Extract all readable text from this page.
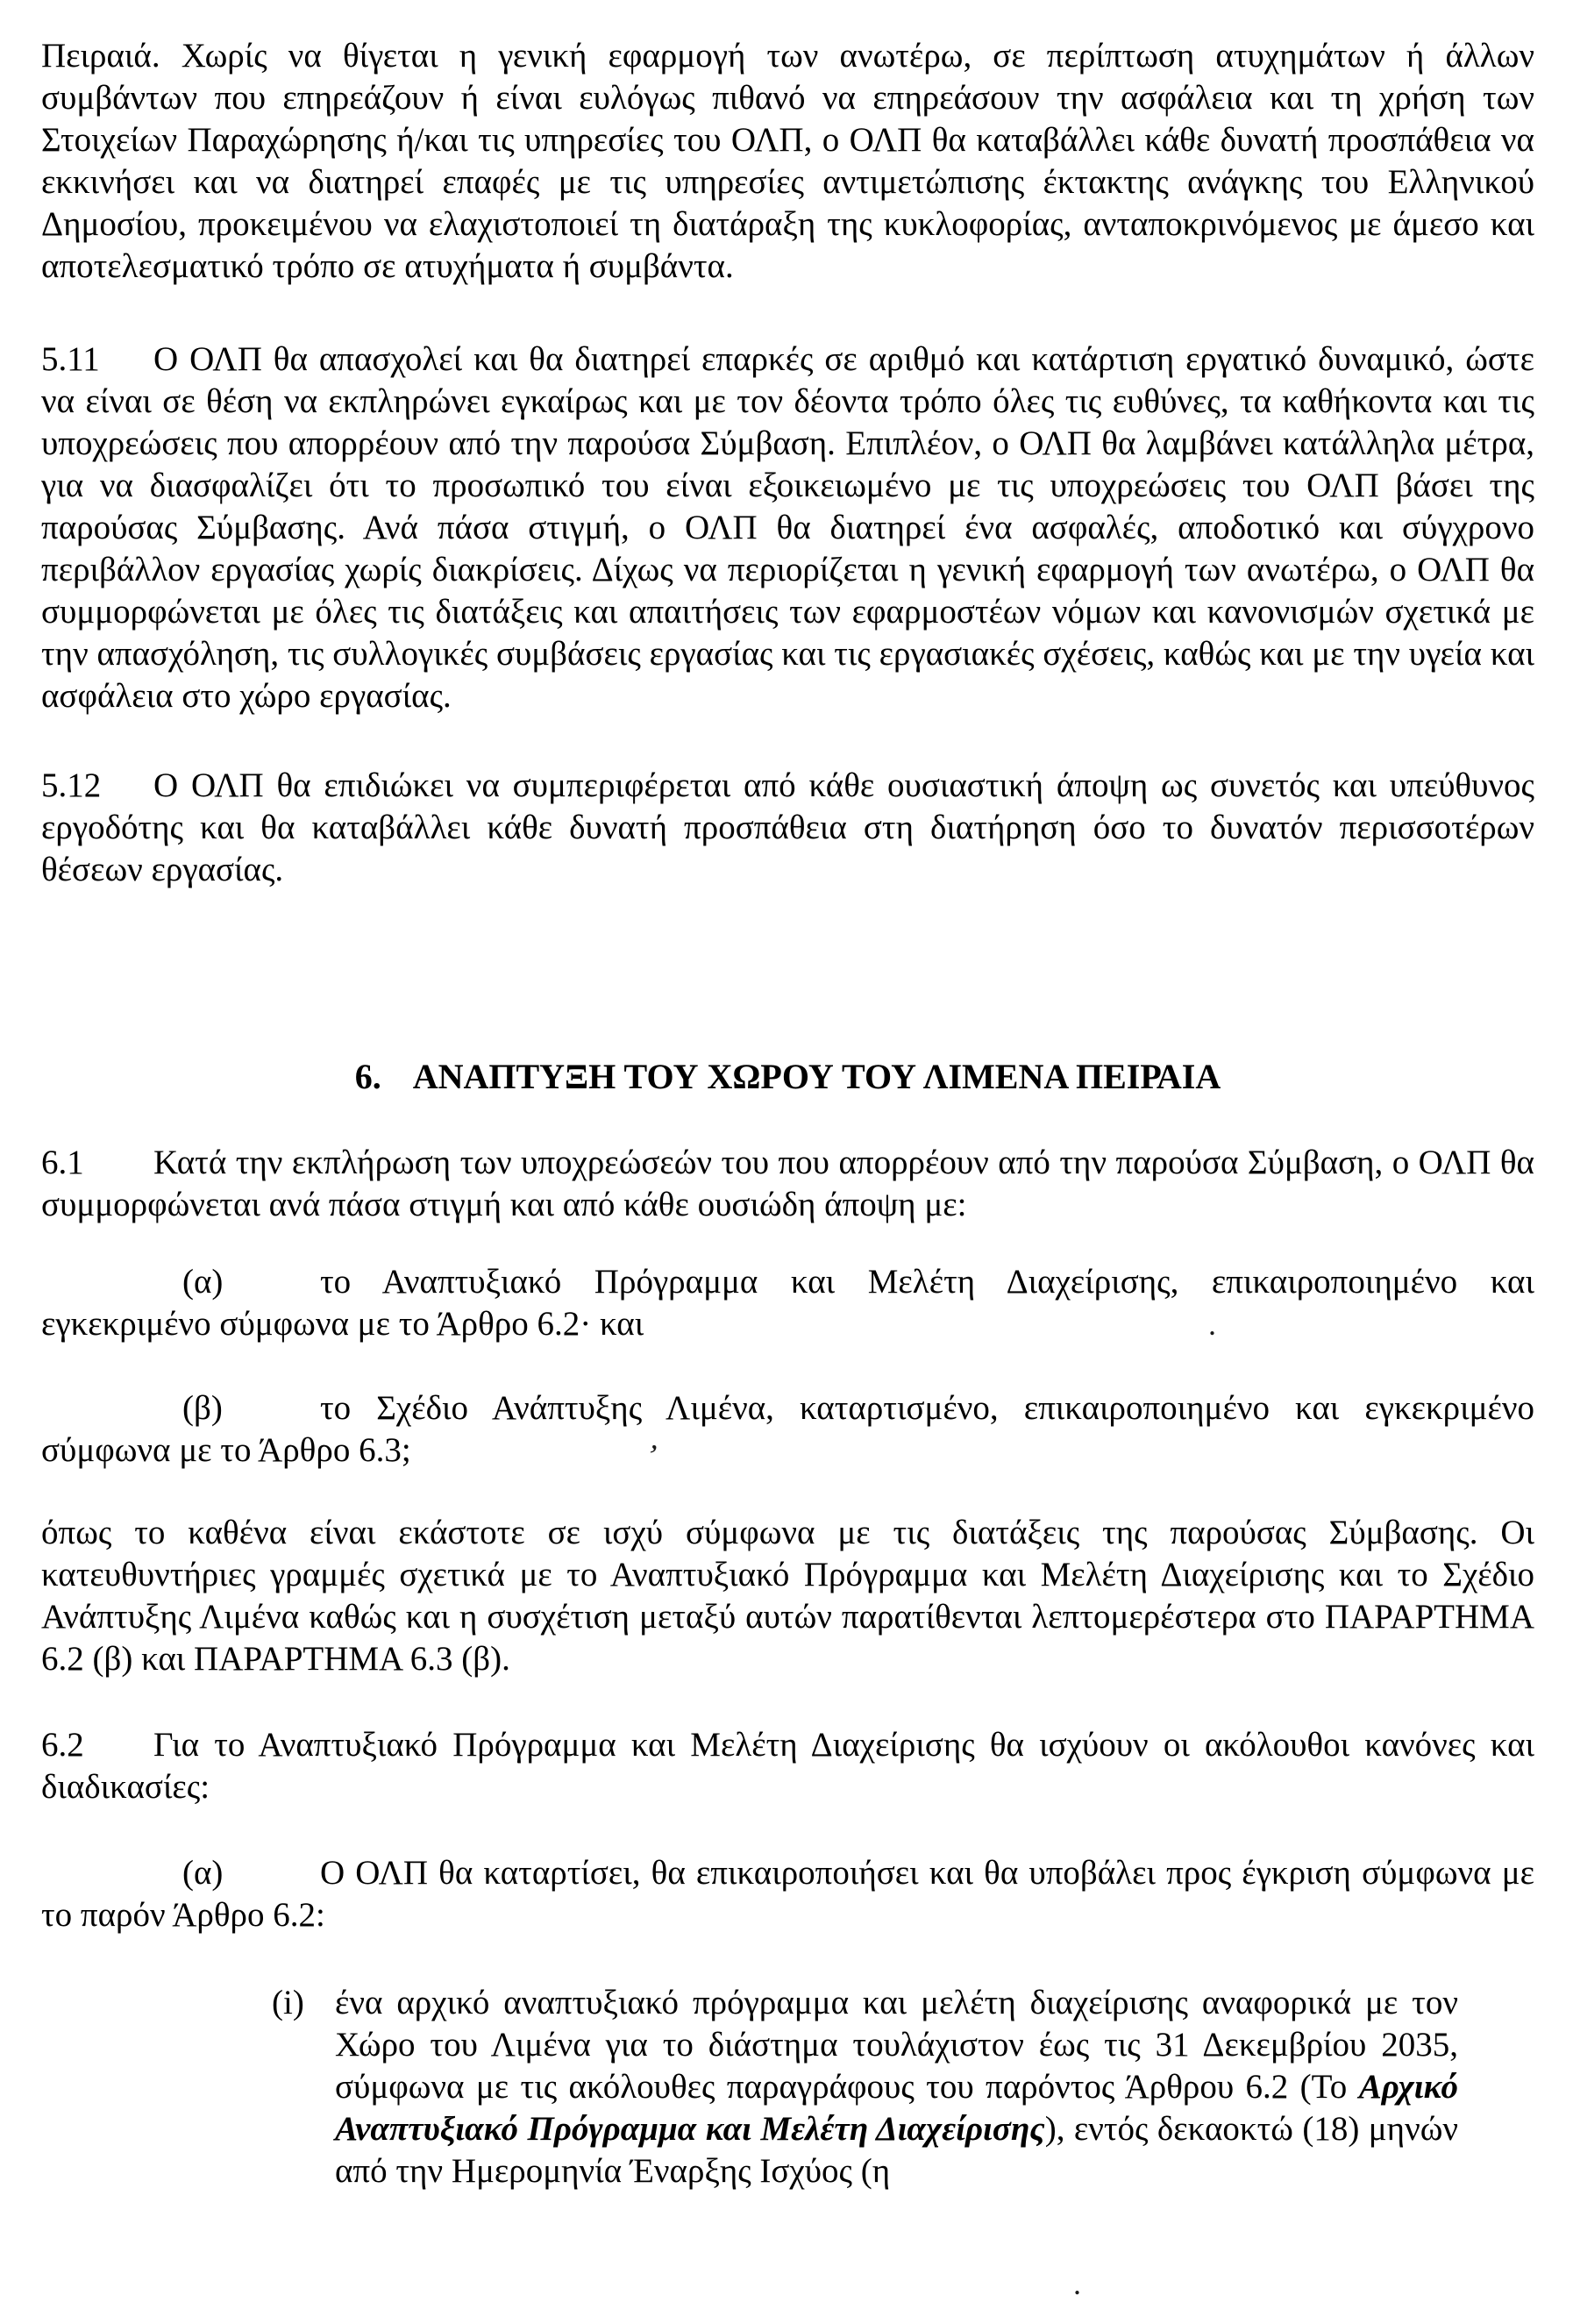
Πειραιά. Χωρίς να θίγεται η γενική εφαρμογή των ανωτέρω, σε περίπτωση ατυχημάτων ή άλλων συμβάντων που επηρεάζουν ή είναι ευλόγως πιθανό να επηρεάσουν την ασφάλεια και τη χρήση των Στοιχείων Παραχώρησης ή/και τις υπηρεσίες του ΟΛΠ, ο ΟΛΠ θα καταβάλλει κάθε δυνατή προσπάθεια να εκκινήσει και να διατηρεί επαφές με τις υπηρεσίες αντιμετώπισης έκτακτης ανάγκης του Ελληνικού Δημοσίου, προκειμένου να ελαχιστοποιεί τη διατάραξη της κυκλοφορίας, ανταποκρινόμενος με άμεσο και αποτελεσματικό τρόπο σε ατυχήματα ή συμβάντα.

5.11 Ο ΟΛΠ θα απασχολεί και θα διατηρεί επαρκές σε αριθμό και κατάρτιση εργατικό δυναμικό, ώστε να είναι σε θέση να εκπληρώνει εγκαίρως και με τον δέοντα τρόπο όλες τις ευθύνες, τα καθήκοντα και τις υποχρεώσεις που απορρέουν από την παρούσα Σύμβαση. Επιπλέον, ο ΟΛΠ θα λαμβάνει κατάλληλα μέτρα, για να διασφαλίζει ότι το προσωπικό του είναι εξοικειωμένο με τις υποχρεώσεις του ΟΛΠ βάσει της παρούσας Σύμβασης. Ανά πάσα στιγμή, ο ΟΛΠ θα διατηρεί ένα ασφαλές, αποδοτικό και σύγχρονο περιβάλλον εργασίας χωρίς διακρίσεις. Δίχως να περιορίζεται η γενική εφαρμογή των ανωτέρω, ο ΟΛΠ θα συμμορφώνεται με όλες τις διατάξεις και απαιτήσεις των εφαρμοστέων νόμων και κανονισμών σχετικά με την απασχόληση, τις συλλογικές συμβάσεις εργασίας και τις εργασιακές σχέσεις, καθώς και με την υγεία και ασφάλεια στο χώρο εργασίας.

5.12 Ο ΟΛΠ θα επιδιώκει να συμπεριφέρεται από κάθε ουσιαστική άποψη ως συνετός και υπεύθυνος εργοδότης και θα καταβάλλει κάθε δυνατή προσπάθεια στη διατήρηση όσο το δυνατόν περισσοτέρων θέσεων εργασίας.

6. ΑΝΑΠΤΥΞΗ ΤΟΥ ΧΩΡΟΥ ΤΟΥ ΛΙΜΕΝΑ ΠΕΙΡΑΙΑ

6.1 Κατά την εκπλήρωση των υποχρεώσεών του που απορρέουν από την παρούσα Σύμβαση, ο ΟΛΠ θα συμμορφώνεται ανά πάσα στιγμή και από κάθε ουσιώδη άποψη με:

(α)	το Αναπτυξιακό Πρόγραμμα και Μελέτη Διαχείρισης, επικαιροποιημένο και εγκεκριμένο σύμφωνα με το Άρθρο 6.2· και

(β)	το Σχέδιο Ανάπτυξης Λιμένα, καταρτισμένο, επικαιροποιημένο και εγκεκριμένο σύμφωνα με το Άρθρο 6.3;

όπως το καθένα είναι εκάστοτε σε ισχύ σύμφωνα με τις διατάξεις της παρούσας Σύμβασης. Οι κατευθυντήριες γραμμές σχετικά με το Αναπτυξιακό Πρόγραμμα και Μελέτη Διαχείρισης και το Σχέδιο Ανάπτυξης Λιμένα καθώς και η συσχέτιση μεταξύ αυτών παρατίθενται λεπτομερέστερα στο ΠΑΡΑΡΤΗΜΑ 6.2 (β) και ΠΑΡΑΡΤΗΜΑ 6.3 (β).

6.2 Για το Αναπτυξιακό Πρόγραμμα και Μελέτη Διαχείρισης θα ισχύουν οι ακόλουθοι κανόνες και διαδικασίες:

(α)	Ο ΟΛΠ θα καταρτίσει, θα επικαιροποιήσει και θα υποβάλει προς έγκριση σύμφωνα με το παρόν Άρθρο 6.2:

(i) ένα αρχικό αναπτυξιακό πρόγραμμα και μελέτη διαχείρισης αναφορικά με τον Χώρο του Λιμένα για το διάστημα τουλάχιστον έως τις 31 Δεκεμβρίου 2035, σύμφωνα με τις ακόλουθες παραγράφους του παρόντος Άρθρου 6.2 (Το Αρχικό Αναπτυξιακό Πρόγραμμα και Μελέτη Διαχείρισης), εντός δεκαοκτώ (18) μηνών από την Ημερομηνία Έναρξης Ισχύος (η

.
,
.
